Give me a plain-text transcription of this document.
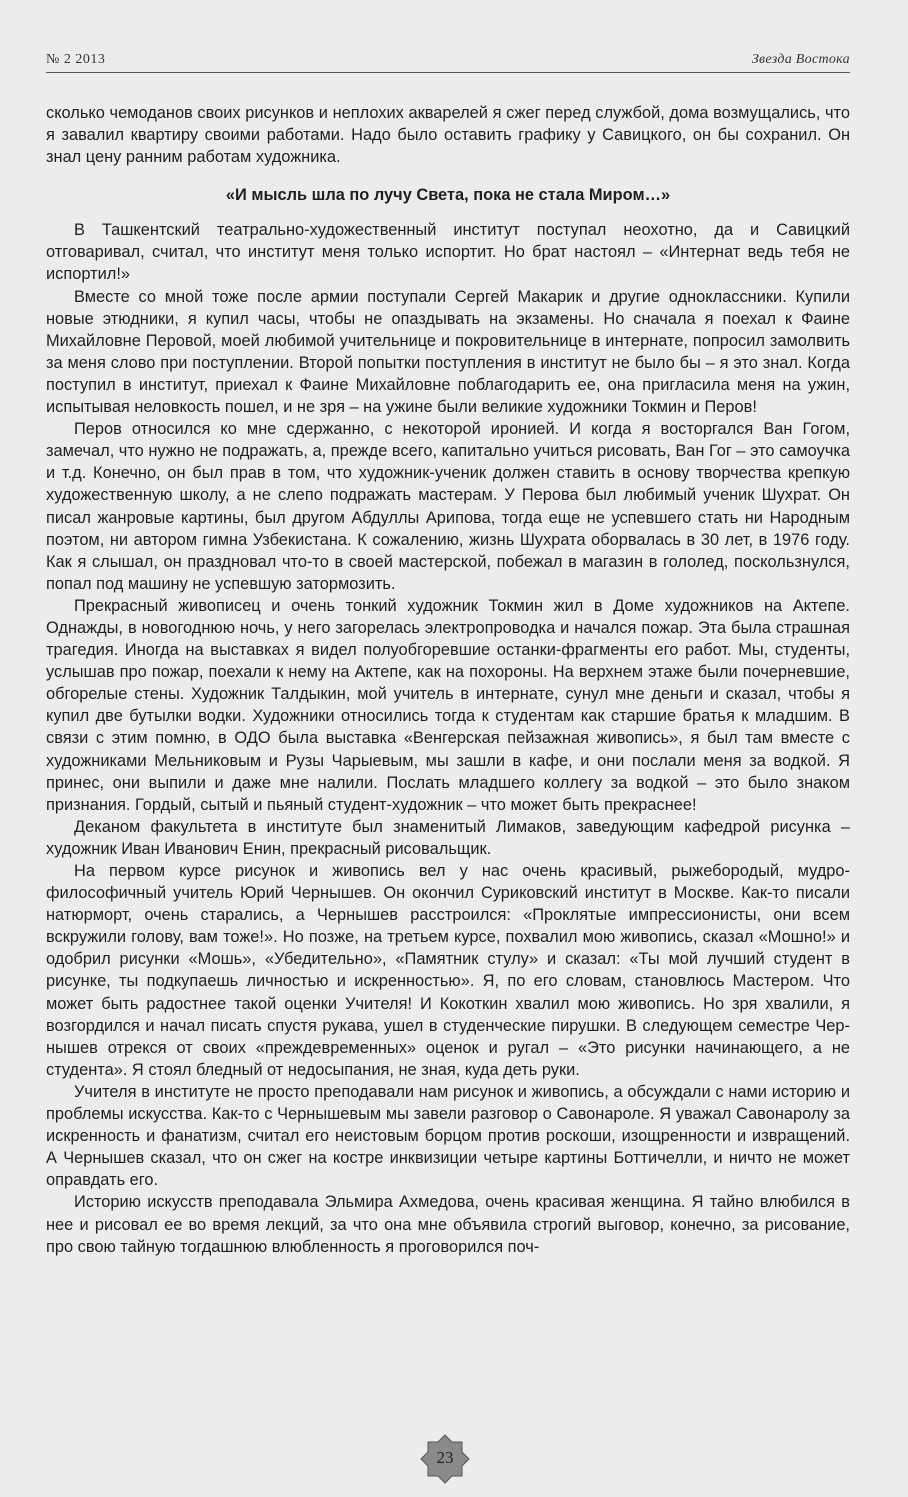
№ 2 2013	Звезда Востока

сколько чемоданов своих рисунков и неплохих акварелей я сжег перед службой, дома возмущались, что я завалил квартиру своими работами. Надо было оставить графику у Савицкого, он бы сохранил. Он знал цену ранним работам художника.

«И мысль шла по лучу Света, пока не стала Миром…»

В Ташкентский театрально-художественный институт поступал неохотно, да и Савицкий отговаривал, считал, что институт меня только испортит. Но брат настоял – «Интернат ведь тебя не испортил!»

Вместе со мной тоже после армии поступали Сергей Макарик и другие одноклассники. Купили новые этюдники, я купил часы, чтобы не опаздывать на экзамены. Но сначала я поехал к Фаине Михайловне Перовой, моей любимой учительнице и покровительнице в интернате, попросил замолвить за меня слово при поступлении. Второй попытки поступления в институт не было бы – я это знал. Когда поступил в институт, приехал к Фаине Михайловне поблагодарить ее, она пригласила меня на ужин, испытывая неловкость пошел, и не зря – на ужине были великие художники Токмин и Перов!

Перов относился ко мне сдержанно, с некоторой иронией. И когда я восторгался Ван Гогом, замечал, что нужно не подражать, а, прежде всего, капитально учиться рисовать, Ван Гог – это самоучка и т.д. Конечно, он был прав в том, что художник-ученик должен ставить в основу творчества крепкую художественную школу, а не слепо подражать мастерам. У Перова был любимый ученик Шухрат. Он писал жанровые картины, был другом Абдуллы Арипова, тогда еще не успевшего стать ни Народным поэтом, ни автором гимна Узбекистана. К сожалению, жизнь Шухрата оборвалась в 30 лет, в 1976 году. Как я слышал, он праздновал что-то в своей мастерской, побежал в магазин в гололед, поскользнулся, попал под машину не успевшую затормозить.

Прекрасный живописец и очень тонкий художник Токмин жил в Доме художников на Актепе. Однажды, в новогоднюю ночь, у него загорелась электропроводка и начался пожар. Эта была страшная трагедия. Иногда на выставках я видел полуобгоревшие останки-фрагменты его работ. Мы, студенты, услышав про пожар, поехали к нему на Актепе, как на похороны. На верхнем этаже были почерневшие, обгорелые стены. Художник Талдыкин, мой учитель в интернате, сунул мне деньги и сказал, чтобы я купил две бутылки водки. Художники относились тогда к студентам как старшие братья к младшим. В связи с этим помню, в ОДО была выставка «Венгерская пейзажная живопись», я был там вместе с художниками Мельниковым и Рузы Чарыевым, мы зашли в кафе, и они послали меня за водкой. Я принес, они выпили и даже мне налили. Послать младшего коллегу за водкой – это было знаком признания. Гордый, сытый и пьяный студент-художник – что может быть прекраснее!

Деканом факультета в институте был знаменитый Лимаков, заведующим кафедрой рисунка – художник Иван Иванович Енин, прекрасный рисовальщик.

На первом курсе рисунок и живопись вел у нас очень красивый, рыжебородый, мудро-философичный учитель Юрий Чернышев. Он окончил Суриковский институт в Москве. Как-то писали натюрморт, очень старались, а Чернышев расстроился: «Проклятые импрессионисты, они всем вскружили голову, вам тоже!». Но позже, на третьем курсе, похвалил мою живопись, сказал «Мошно!» и одобрил рисунки «Мошь», «Убедительно», «Памятник стулу» и сказал: «Ты мой лучший студент в рисунке, ты подкупаешь личностью и искренностью». Я, по его словам, становлюсь Мастером. Что может быть радостнее такой оценки Учителя! И Кокоткин хвалил мою живопись. Но зря хвалили, я возгордился и начал писать спустя рукава, ушел в студенческие пирушки. В следующем семестре Чернышев отрекся от своих «преждевременных» оценок и ругал – «Это рисунки начинающего, а не студента». Я стоял бледный от недосыпания, не зная, куда деть руки.

Учителя в институте не просто преподавали нам рисунок и живопись, а обсуждали с нами историю и проблемы искусства. Как-то с Чернышевым мы завели разговор о Савонароле. Я уважал Савонаролу за искренность и фанатизм, считал его неистовым борцом против роскоши, изощренности и извращений. А Чернышев сказал, что он сжег на костре инквизиции четыре картины Боттичелли, и ничто не может оправдать его.

Историю искусств преподавала Эльмира Ахмедова, очень красивая женщина. Я тайно влюбился в нее и рисовал ее во время лекций, за что она мне объявила строгий выговор, конечно, за рисование, про свою тайную тогдашнюю влюбленность я проговорился поч-

23
